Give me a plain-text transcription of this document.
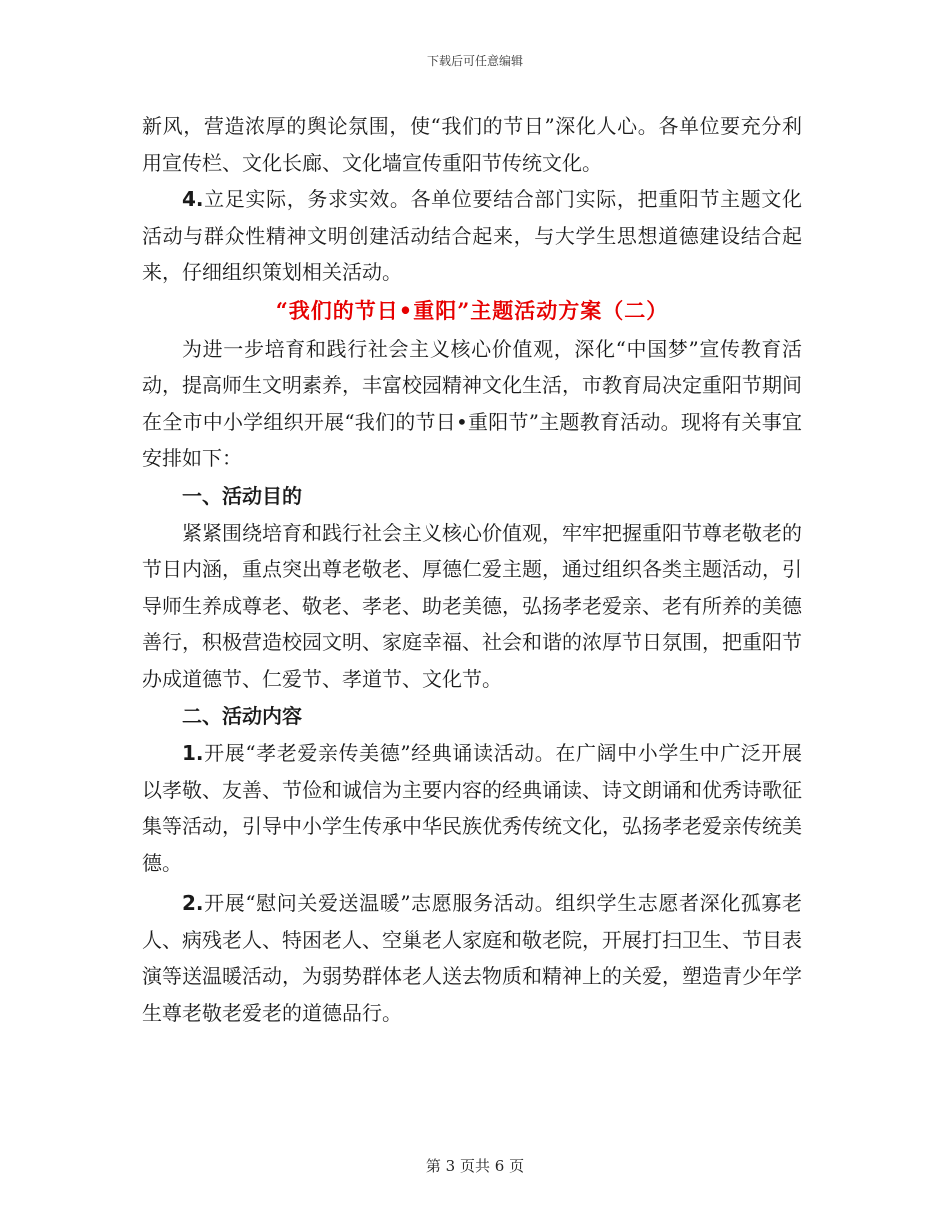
下载后可任意编辑

新风，营造浓厚的舆论氛围，使“我们的节日”深化人心。各单位要充分利用宣传栏、文化长廊、文化墙宣传重阳节传统文化。

4.立足实际，务求实效。各单位要结合部门实际，把重阳节主题文化活动与群众性精神文明创建活动结合起来，与大学生思想道德建设结合起来，仔细组织策划相关活动。

“我们的节日•重阳”主题活动方案（二）

为进一步培育和践行社会主义核心价值观，深化“中国梦”宣传教育活动，提高师生文明素养，丰富校园精神文化生活，市教育局决定重阳节期间在全市中小学组织开展“我们的节日•重阳节”主题教育活动。现将有关事宜安排如下：

一、活动目的

紧紧围绕培育和践行社会主义核心价值观，牢牢把握重阳节尊老敬老的节日内涵，重点突出尊老敬老、厚德仁爱主题，通过组织各类主题活动，引导师生养成尊老、敬老、孝老、助老美德，弘扬孝老爱亲、老有所养的美德善行，积极营造校园文明、家庭幸福、社会和谐的浓厚节日氛围，把重阳节办成道德节、仁爱节、孝道节、文化节。

二、活动内容

1.开展“孝老爱亲传美德”经典诵读活动。在广阔中小学生中广泛开展以孝敬、友善、节俭和诚信为主要内容的经典诵读、诗文朗诵和优秀诗歌征集等活动，引导中小学生传承中华民族优秀传统文化，弘扬孝老爱亲传统美德。

2.开展“慰问关爱送温暖”志愿服务活动。组织学生志愿者深化孤寡老人、病残老人、特困老人、空巢老人家庭和敬老院，开展打扫卫生、节目表演等送温暖活动，为弱势群体老人送去物质和精神上的关爱，塑造青少年学生尊老敬老爱老的道德品行。

第 3 页共 6 页
